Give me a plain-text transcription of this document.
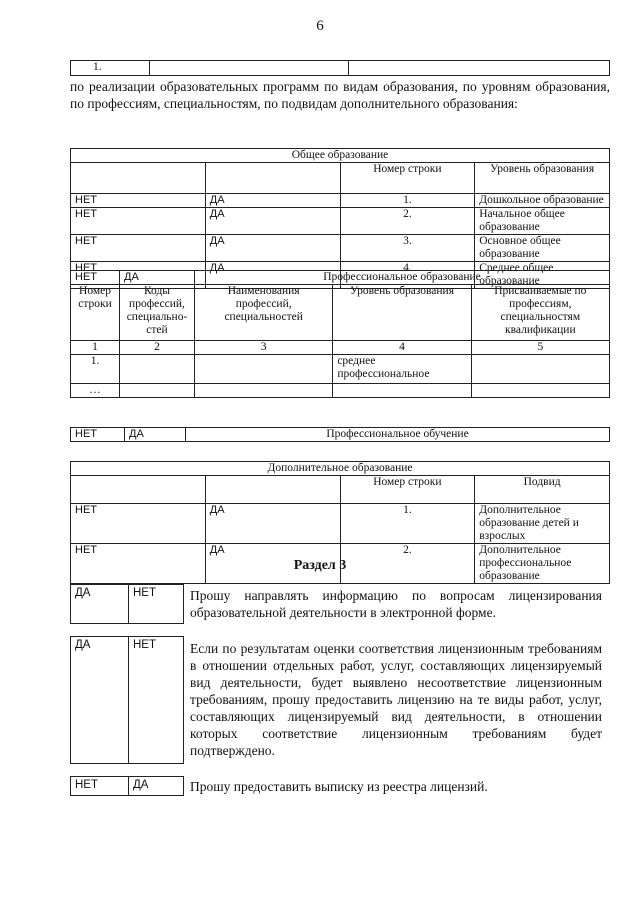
6
1.		
по реализации образовательных программ по видам образования, по уровням образования, по профессиям, специальностям, по подвидам дополнительного образования:
Общее образование			
		Номер строки	Уровень образования
НЕТ	ДА	1.	Дошкольное образование
НЕТ	ДА	2.	Начальное общее образование
НЕТ	ДА	3.	Основное общее образование
НЕТ	ДА	4.	Среднее общее образование
НЕТ	ДА	Профессиональное образование		
Номер строки	Коды профессий, специально-стей	Наименования профессий, специальностей	Уровень образования	Присваиваемые по профессиям, специальностям квалификации
1	2	3	4	5
1.			среднее профессиональное	
…				
НЕТ	ДА	Профессиональное обучение
Дополнительное образование			
		Номер строки	Подвид
НЕТ	ДА	1.	Дополнительное образование детей и взрослых
НЕТ	ДА	2.	Дополнительное профессиональное образование
Раздел 3
ДА	НЕТ	Прошу направлять информацию по вопросам лицензирования образовательной деятельности в электронной форме.
ДА	НЕТ	Если по результатам оценки соответствия лицензионным требованиям в отношении отдельных работ, услуг, составляющих лицензируемый вид деятельности, будет выявлено несоответствие лицензионным требованиям, прошу предоставить лицензию на те виды работ, услуг, составляющих лицензируемый вид деятельности, в отношении которых соответствие лицензионным требованиям будет подтверждено.
НЕТ	ДА	Прошу предоставить выписку из реестра лицензий.
